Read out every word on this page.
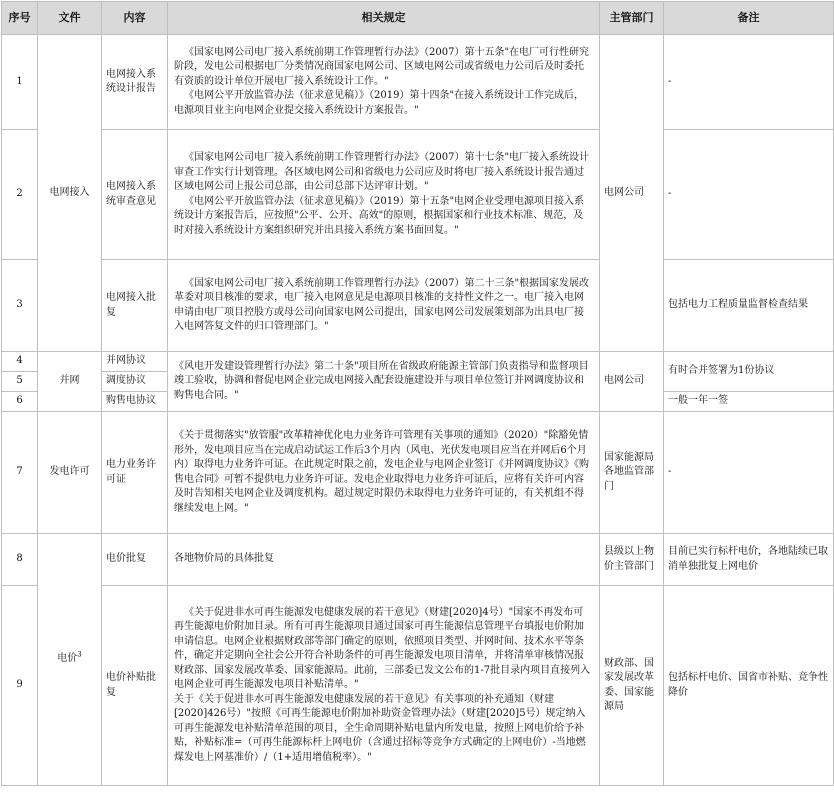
序号	文件	内容	相关规定	主管部门	备注
1	电网接入	电网接入系统设计报告	《国家电网公司电厂接入系统前期工作管理暂行办法》（2007）第十五条"在电厂可行性研究阶段，发电公司根据电厂分类情况商国家电网公司、区域电网公司或省级电力公司后及时委托有资质的设计单位开展电厂接入系统设计工作。"

《电网公平开放监管办法（征求意见稿）》（2019）第十四条"在接入系统设计工作完成后，电源项目业主向电网企业提交接入系统设计方案报告。"	电网公司	-
2		电网接入系统审查意见	《国家电网公司电厂接入系统前期工作管理暂行办法》（2007）第十七条"电厂接入系统设计审查工作实行计划管理。各区域电网公司和省级电力公司应及时将电厂接入系统设计报告通过区域电网公司上报公司总部，由公司总部下达评审计划。"

《电网公平开放监管办法（征求意见稿）》（2019）第十五条"电网企业受理电源项目接入系统设计方案报告后，应按照"公平、公开、高效"的原则，根据国家和行业技术标准、规范，及时对接入系统设计方案组织研究并出具接入系统方案书面回复。"		-
3		电网接入批复	《国家电网公司电厂接入系统前期工作管理暂行办法》（2007）第二十三条"根据国家发展改革委对项目核准的要求，电厂接入电网意见是电源项目核准的支持性文件之一。电厂接入电网申请由电厂项目控股方或母公司向国家电网公司提出，国家电网公司发展策划部为出具电厂接入电网答复文件的归口管理部门。"		包括电力工程质量监督检查结果
4	并网	并网协议	《风电开发建设管理暂行办法》第二十条"项目所在省级政府能源主管部门负责指导和监督项目竣工验收，协调和督促电网企业完成电网接入配套设施建设并与项目单位签订并网调度协议和购售电合同。"	电网公司	有时合并签署为1份协议
5		调度协议			
6		购售电协议			一般一年一签
7	发电许可	电力业务许可证	《关于贯彻落实"放管服"改革精神优化电力业务许可管理有关事项的通知》（2020）"除豁免情形外，发电项目应当在完成启动试运工作后3个月内（风电、光伏发电项目应当在并网后6个月内）取得电力业务许可证。在此规定时限之前，发电企业与电网企业签订《并网调度协议》《购售电合同》可暂不提供电力业务许可证。发电企业取得电力业务许可证后，应将有关许可内容及时告知相关电网企业及调度机构。超过规定时限仍未取得电力业务许可证的，有关机组不得继续发电上网。"	国家能源局各地监管部门	-
8	电价$^3$	电价批复	各地物价局的具体批复	县级以上物价主管部门	目前已实行标杆电价，各地陆续已取消单独批复上网电价
9		电价补贴批复	《关于促进非水可再生能源发电健康发展的若干意见》（财建[2020]4号）"国家不再发布可再生能源电价附加目录。所有可再生能源项目通过国家可再生能源信息管理平台填报电价附加申请信息。电网企业根据财政部等部门确定的原则，依照项目类型、并网时间、技术水平等条件，确定并定期向全社会公开符合补助条件的可再生能源发电项目清单，并将清单审核情况报财政部、国家发展改革委、国家能源局。此前，三部委已发文公布的1-7批目录内项目直接列入电网企业可再生能源发电项目补贴清单。"

关于《关于促进非水可再生能源发电健康发展的若干意见》有关事项的补充通知（财建[2020]426号）"按照《可再生能源电价附加补助资金管理办法》（财建[2020]5号）规定纳入可再生能源发电补贴清单范围的项目，全生命周期补贴电量内所发电量，按照上网电价给予补贴，补贴标准=（可再生能源标杆上网电价（含通过招标等竞争方式确定的上网电价）-当地燃煤发电上网基准价）/（1+适用增值税率）。"	财政部、国家发展改革委、国家能源局	包括标杆电价、国省市补贴、竞争性降价
